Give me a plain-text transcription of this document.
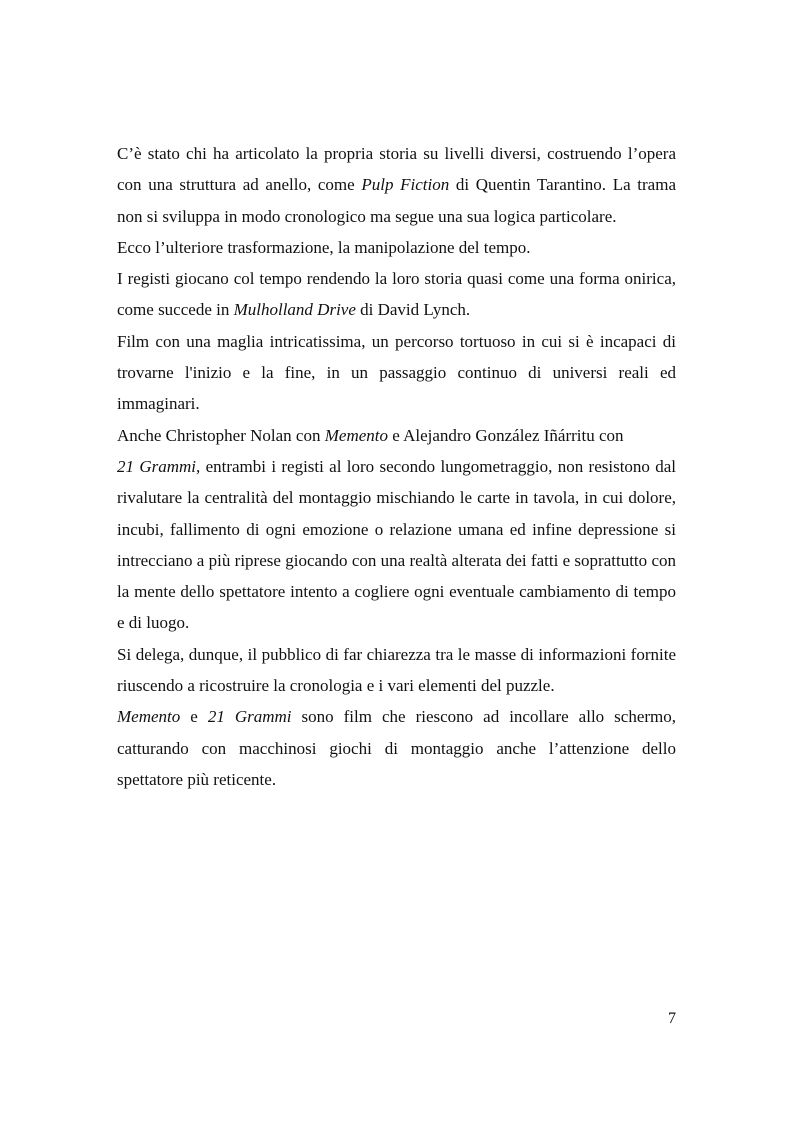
C’è stato chi ha articolato la propria storia su livelli diversi, costruendo l’opera con una struttura ad anello, come Pulp Fiction di Quentin Tarantino. La trama non si sviluppa in modo cronologico ma segue una sua logica particolare.

Ecco l’ulteriore trasformazione, la manipolazione del tempo.

I registi giocano col tempo rendendo la loro storia quasi come una forma onirica, come succede in Mulholland Drive di David Lynch.

Film con una maglia intricatissima, un percorso tortuoso in cui si è incapaci di trovarne l'inizio e la fine, in un passaggio continuo di universi reali ed immaginari.

Anche Christopher Nolan con Memento e Alejandro González Iñárritu con

21 Grammi, entrambi i registi al loro secondo lungometraggio, non resistono dal rivalutare la centralità del montaggio mischiando le carte in tavola, in cui dolore, incubi, fallimento di ogni emozione o relazione umana ed infine depressione si intrecciano a più riprese giocando con una realtà alterata dei fatti e soprattutto con la mente dello spettatore intento a cogliere ogni eventuale cambiamento di tempo e di luogo.

Si delega, dunque, il pubblico di far chiarezza tra le masse di informazioni fornite riuscendo a ricostruire la cronologia e i vari elementi del puzzle.

Memento e 21 Grammi sono film che riescono ad incollare allo schermo, catturando con macchinosi giochi di montaggio anche l’attenzione dello spettatore più reticente.

7
